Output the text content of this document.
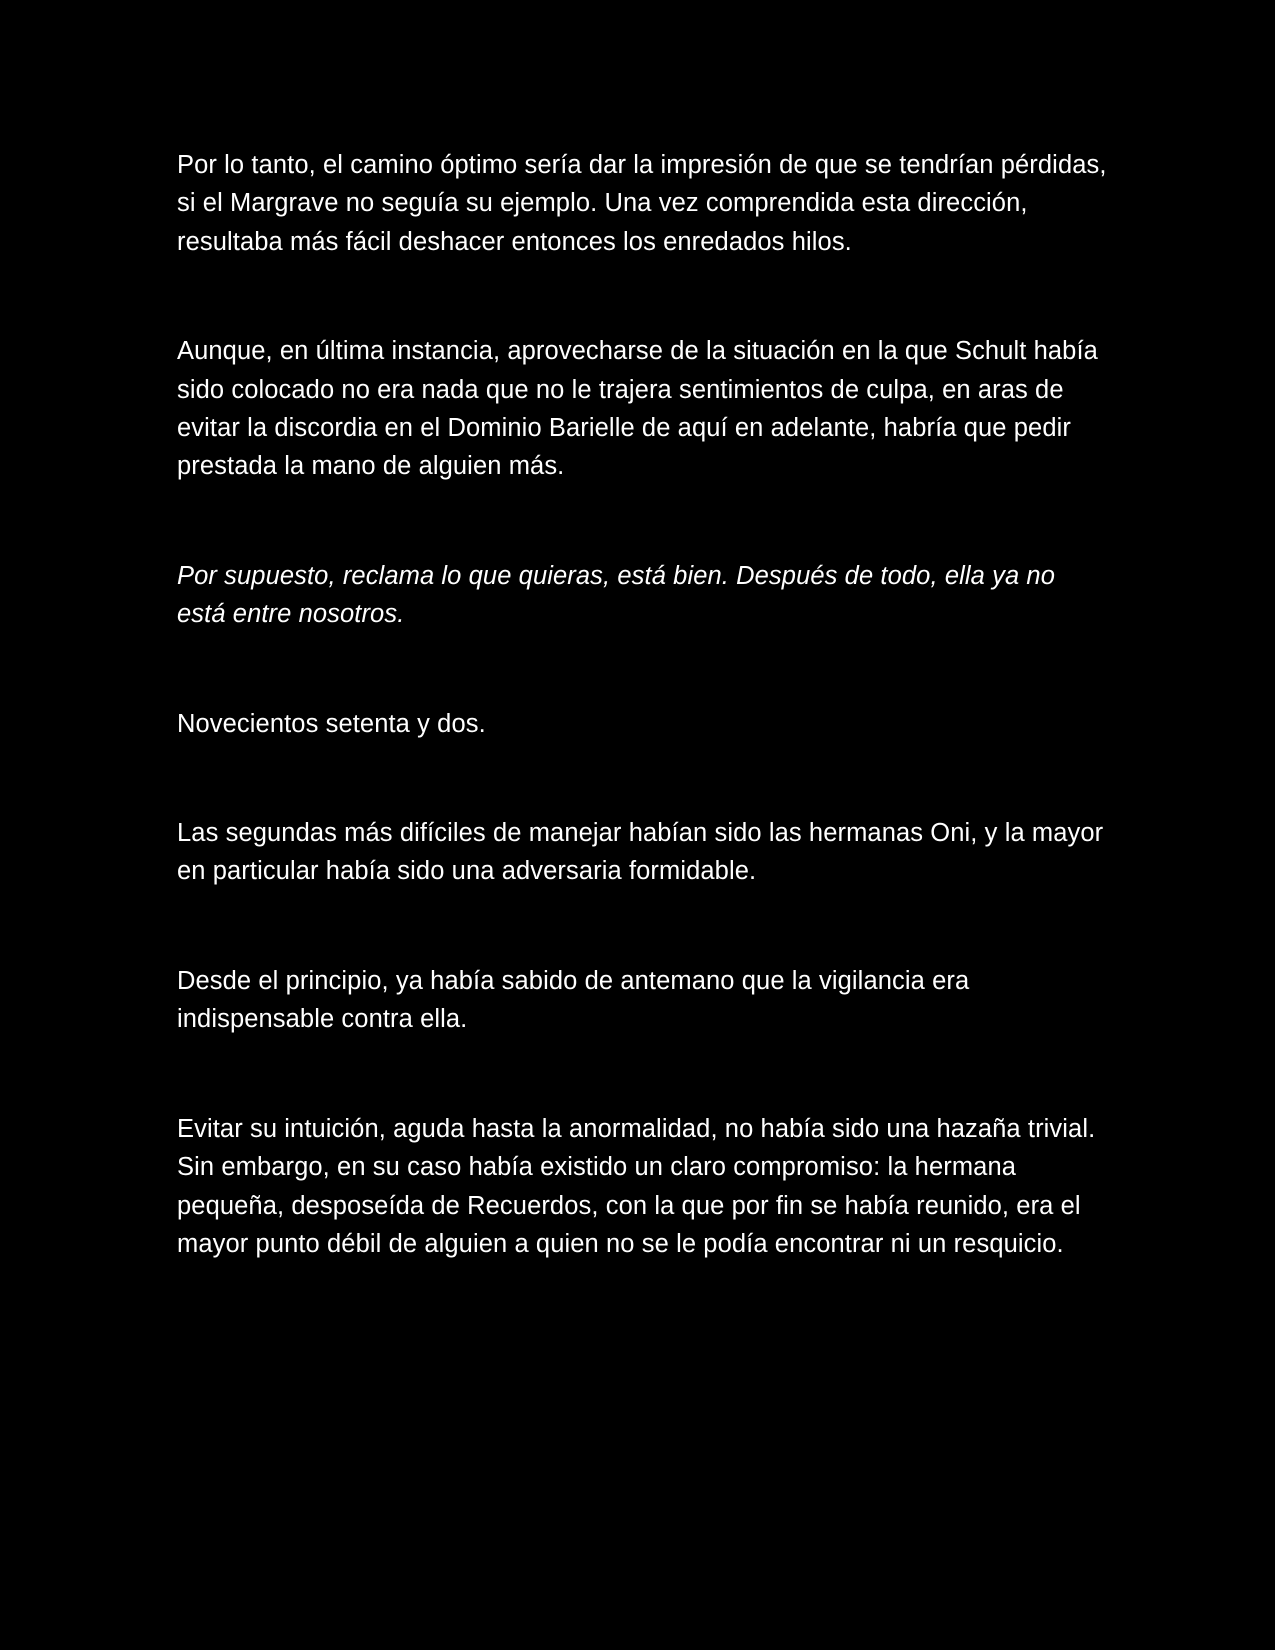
Por lo tanto, el camino óptimo sería dar la impresión de que se tendrían pérdidas, si el Margrave no seguía su ejemplo. Una vez comprendida esta dirección, resultaba más fácil deshacer entonces los enredados hilos.

Aunque, en última instancia, aprovecharse de la situación en la que Schult había sido colocado no era nada que no le trajera sentimientos de culpa, en aras de evitar la discordia en el Dominio Barielle de aquí en adelante, habría que pedir prestada la mano de alguien más.

Por supuesto, reclama lo que quieras, está bien. Después de todo, ella ya no está entre nosotros.

Novecientos setenta y dos.

Las segundas más difíciles de manejar habían sido las hermanas Oni, y la mayor en particular había sido una adversaria formidable.

Desde el principio, ya había sabido de antemano que la vigilancia era indispensable contra ella.

Evitar su intuición, aguda hasta la anormalidad, no había sido una hazaña trivial. Sin embargo, en su caso había existido un claro compromiso: la hermana pequeña, desposeída de Recuerdos, con la que por fin se había reunido, era el mayor punto débil de alguien a quien no se le podía encontrar ni un resquicio.
